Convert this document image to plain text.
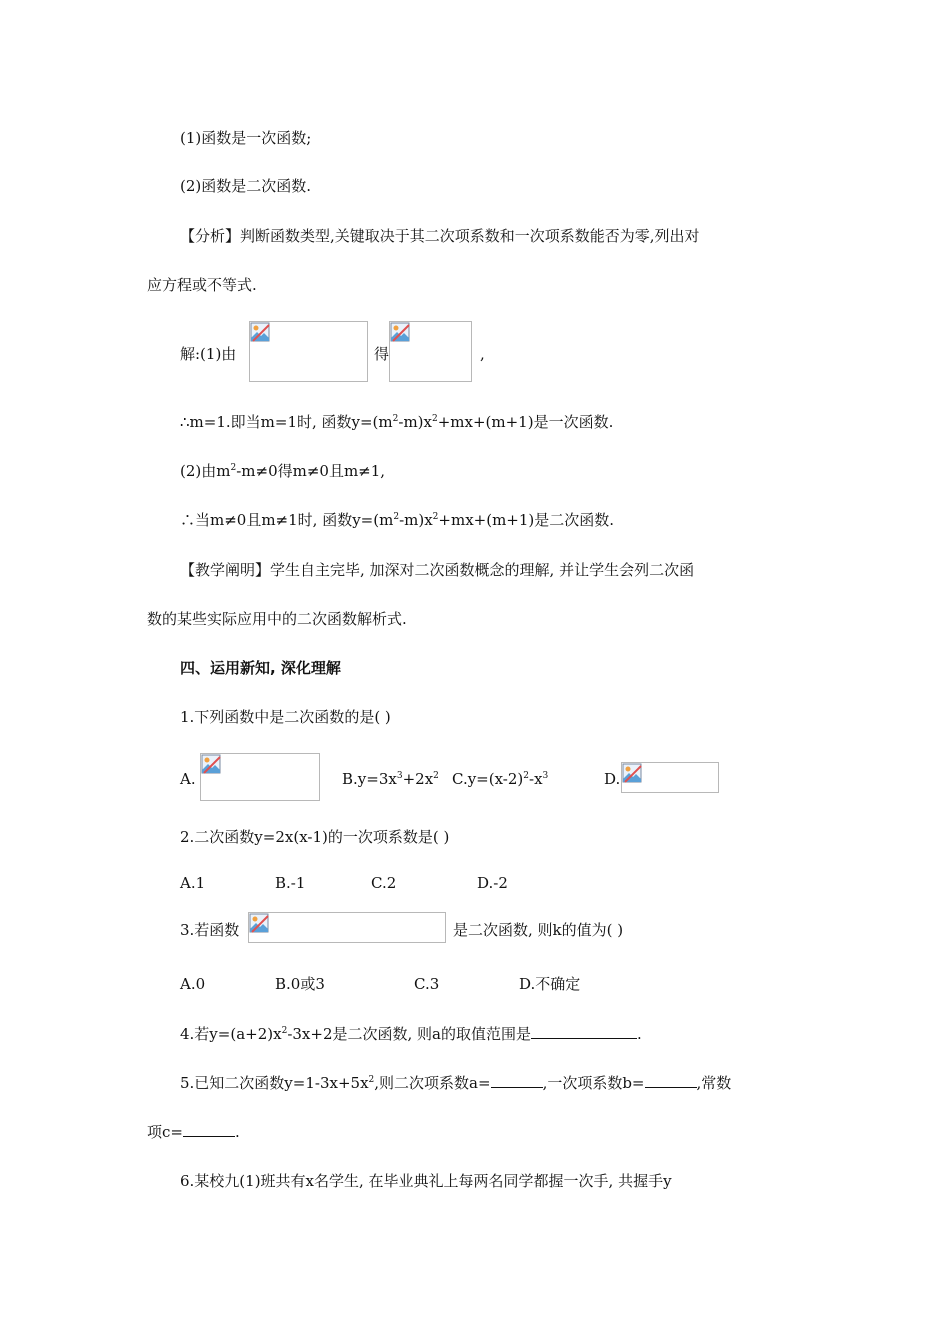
(1)函数是一次函数;
(2)函数是二次函数.
【分析】判断函数类型,关键取决于其二次项系数和一次项系数能否为零,列出对
应方程或不等式.
解:(1)由	得	,
∴m=1.即当m=1时, 函数$y=(m^2-m)x^2+mx+(m+1)$是一次函数.
(2)由$m^2-m\ne 0$得m≠0且m≠1,
∴当m≠0且m≠1时, 函数$y=(m^2-m)x^2+mx+(m+1)$是二次函数.
【教学阐明】学生自主完毕, 加深对二次函数概念的理解, 并让学生会列二次函
数的某些实际应用中的二次函数解析式.
四、运用新知, 深化理解
1.下列函数中是二次函数的是( )
A.	$B.y=3x^3+2x^2$ $C.y=(x-2)^2-x^3$	D.
2.二次函数y=2x(x-1)的一次项系数是( )
A.1	B.-1	C.2	D.-2
3.若函数	是二次函数, 则k的值为( )
A.0	B.0或3	C.3	D.不确定
4.若$y=(a+2)x^2-3x+2$是二次函数, 则a的取值范围是	.
5.已知二次函数$y=1-3x+5x^2$,则二次项系数a=	,一次项系数b=	,常数
项c=	.
6.某校九(1)班共有x名学生, 在毕业典礼上每两名同学都握一次手, 共握手y
